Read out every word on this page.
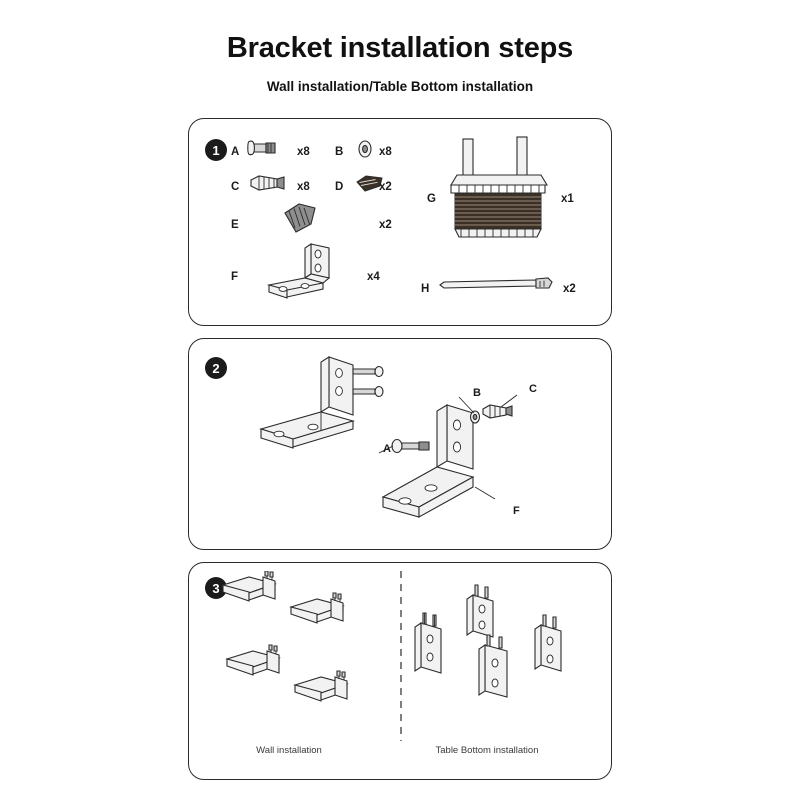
Bracket installation steps
Wall installation/Table Bottom installation
1 A	x8 B	x8
C	x8 D	x2
E	x2
F	x4
G	x1
H	x2
2
A
B	C
F
3
Wall installation	Table Bottom installation
